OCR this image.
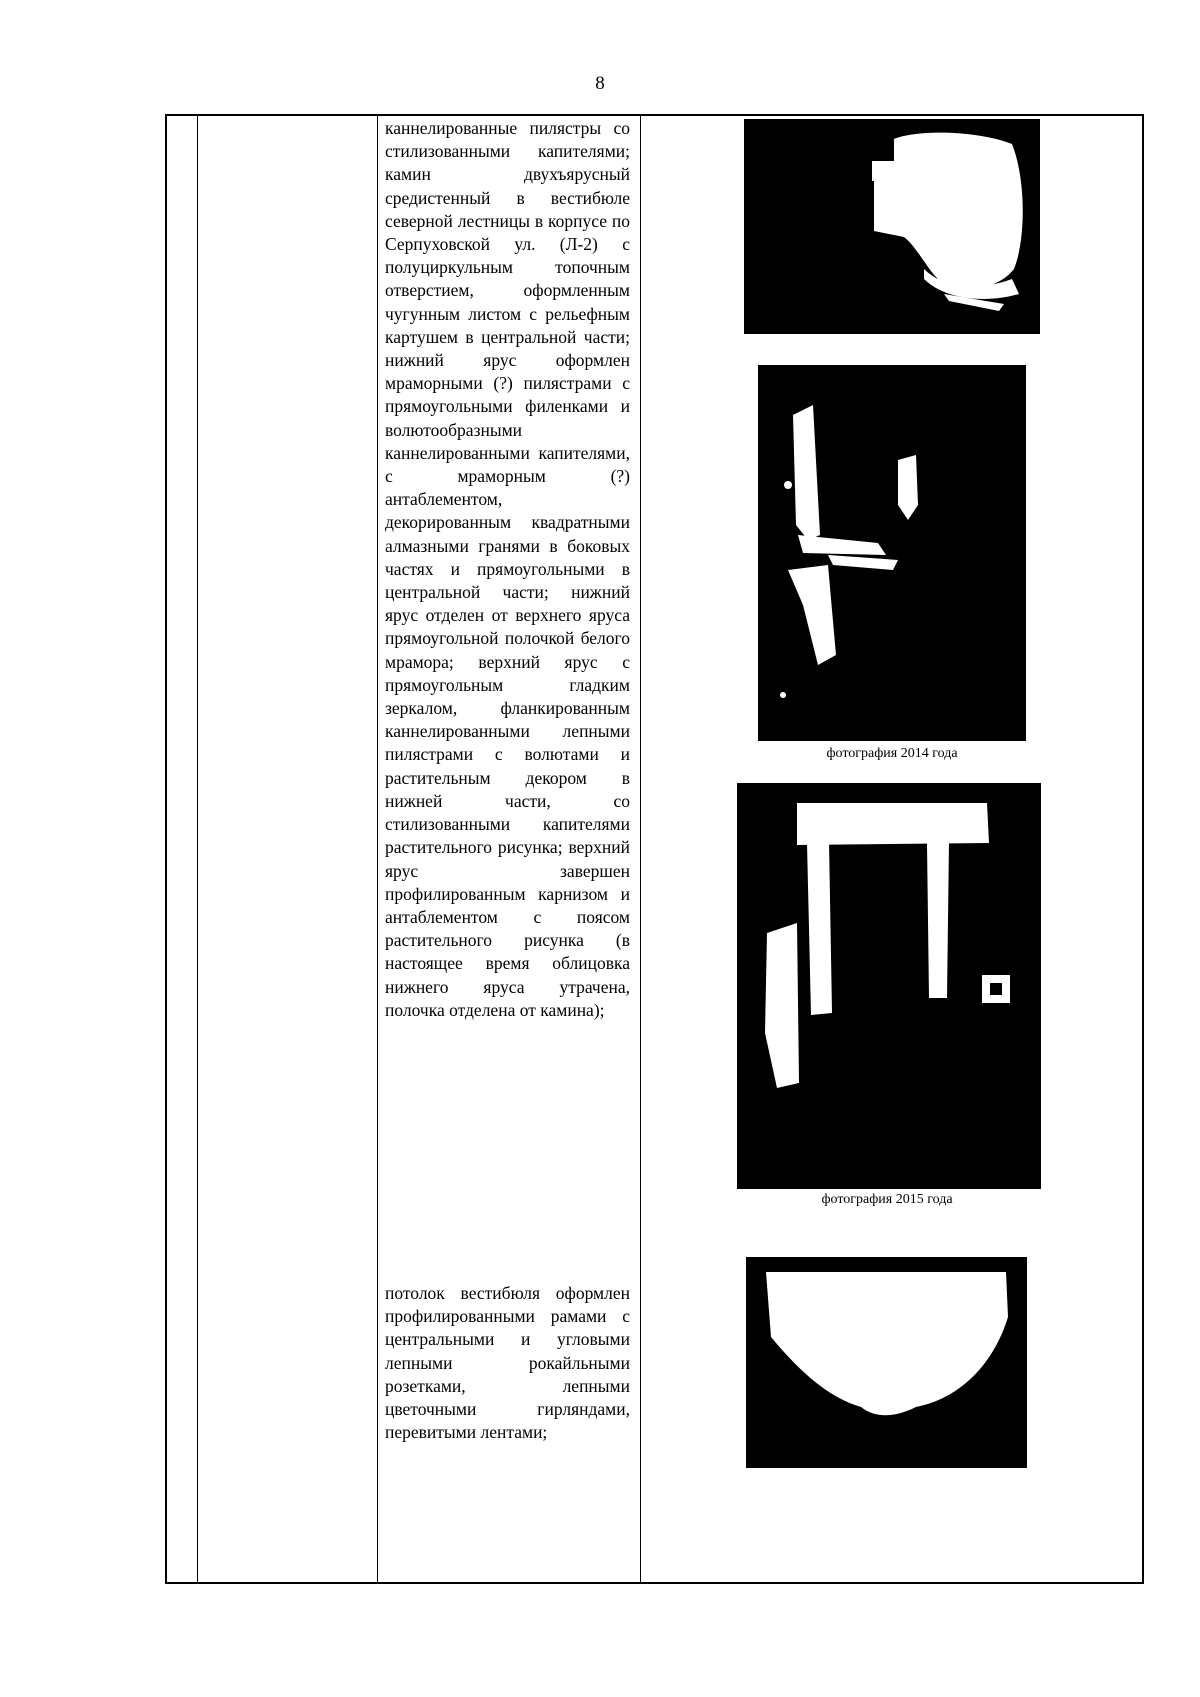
8

каннелированные пилястры со стилизованными капителями; камин двухъярусный средистенный в вестибюле северной лестницы в корпусе по Серпуховской ул. (Л-2) с полуциркульным топочным отверстием, оформленным чугунным листом с рельефным картушем в центральной части; нижний ярус оформлен мраморными (?) пилястрами с прямоугольными филенками и волютообразными каннелированными капителями, с мраморным (?) антаблементом, декорированным квадратными алмазными гранями в боковых частях и прямоугольными в центральной части; нижний ярус отделен от верхнего яруса прямоугольной полочкой белого мрамора; верхний ярус с прямоугольным гладким зеркалом, фланкированным каннелированными лепными пилястрами с волютами и растительным декором в нижней части, со стилизованными капителями растительного рисунка; верхний ярус завершен профилированным карнизом и антаблементом с поясом растительного рисунка (в настоящее время облицовка нижнего яруса утрачена, полочка отделена от камина);

потолок вестибюля оформлен профилированными рамами с центральными и угловыми лепными рокайльными розетками, лепными цветочными гирляндами, перевитыми лентами;

фотография 2014 года
фотография 2015 года
